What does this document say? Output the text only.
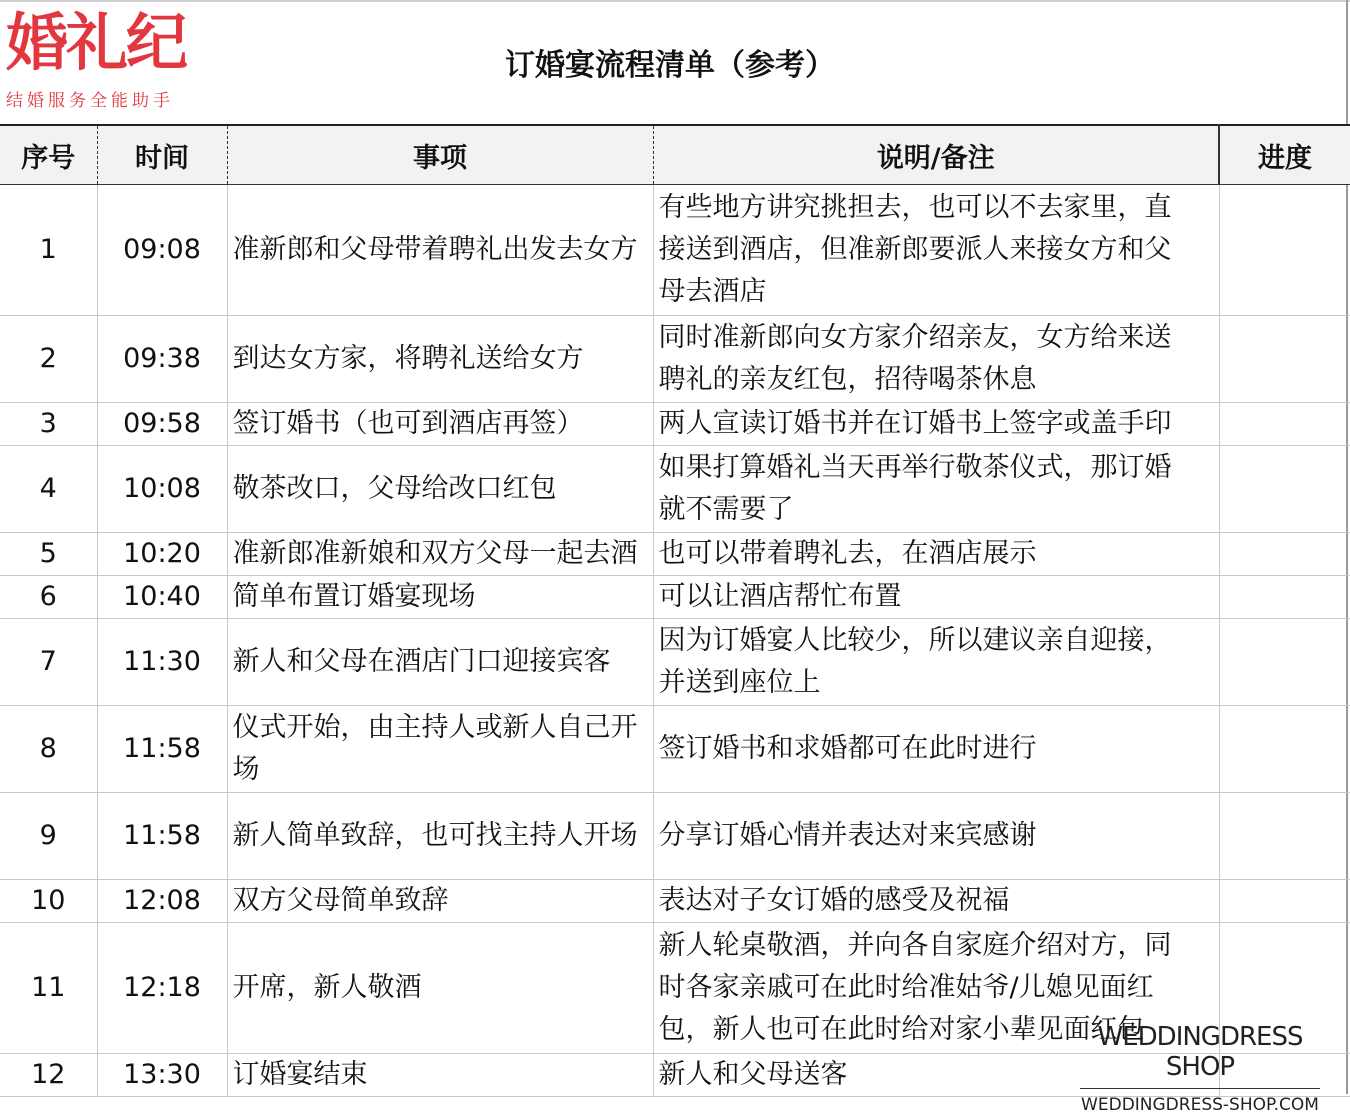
婚礼纪
结婚服务全能助手
订婚宴流程清单（参考）
序号	时间	事项	说明/备注	进度
1	09:08	准新郎和父母带着聘礼出发去女方	有些地方讲究挑担去，也可以不去家里，直接送到酒店，但准新郎要派人来接女方和父母去酒店	
2	09:38	到达女方家，将聘礼送给女方	同时准新郎向女方家介绍亲友，女方给来送聘礼的亲友红包，招待喝茶休息	
3	09:58	签订婚书（也可到酒店再签）	两人宣读订婚书并在订婚书上签字或盖手印	
4	10:08	敬茶改口，父母给改口红包	如果打算婚礼当天再举行敬茶仪式，那订婚就不需要了	
5	10:20	准新郎准新娘和双方父母一起去酒	也可以带着聘礼去，在酒店展示	
6	10:40	简单布置订婚宴现场	可以让酒店帮忙布置	
7	11:30	新人和父母在酒店门口迎接宾客	因为订婚宴人比较少，所以建议亲自迎接，并送到座位上	
8	11:58	仪式开始，由主持人或新人自己开场	签订婚书和求婚都可在此时进行	
9	11:58	新人简单致辞，也可找主持人开场	分享订婚心情并表达对来宾感谢	
10	12:08	双方父母简单致辞	表达对子女订婚的感受及祝福	
11	12:18	开席，新人敬酒	新人轮桌敬酒，并向各自家庭介绍对方，同时各家亲戚可在此时给准姑爷/儿媳见面红包，新人也可在此时给对家小辈见面红包	
12	13:30	订婚宴结束	新人和父母送客	
WEDDINGDRESS SHOP
WEDDINGDRESS-SHOP.COM
